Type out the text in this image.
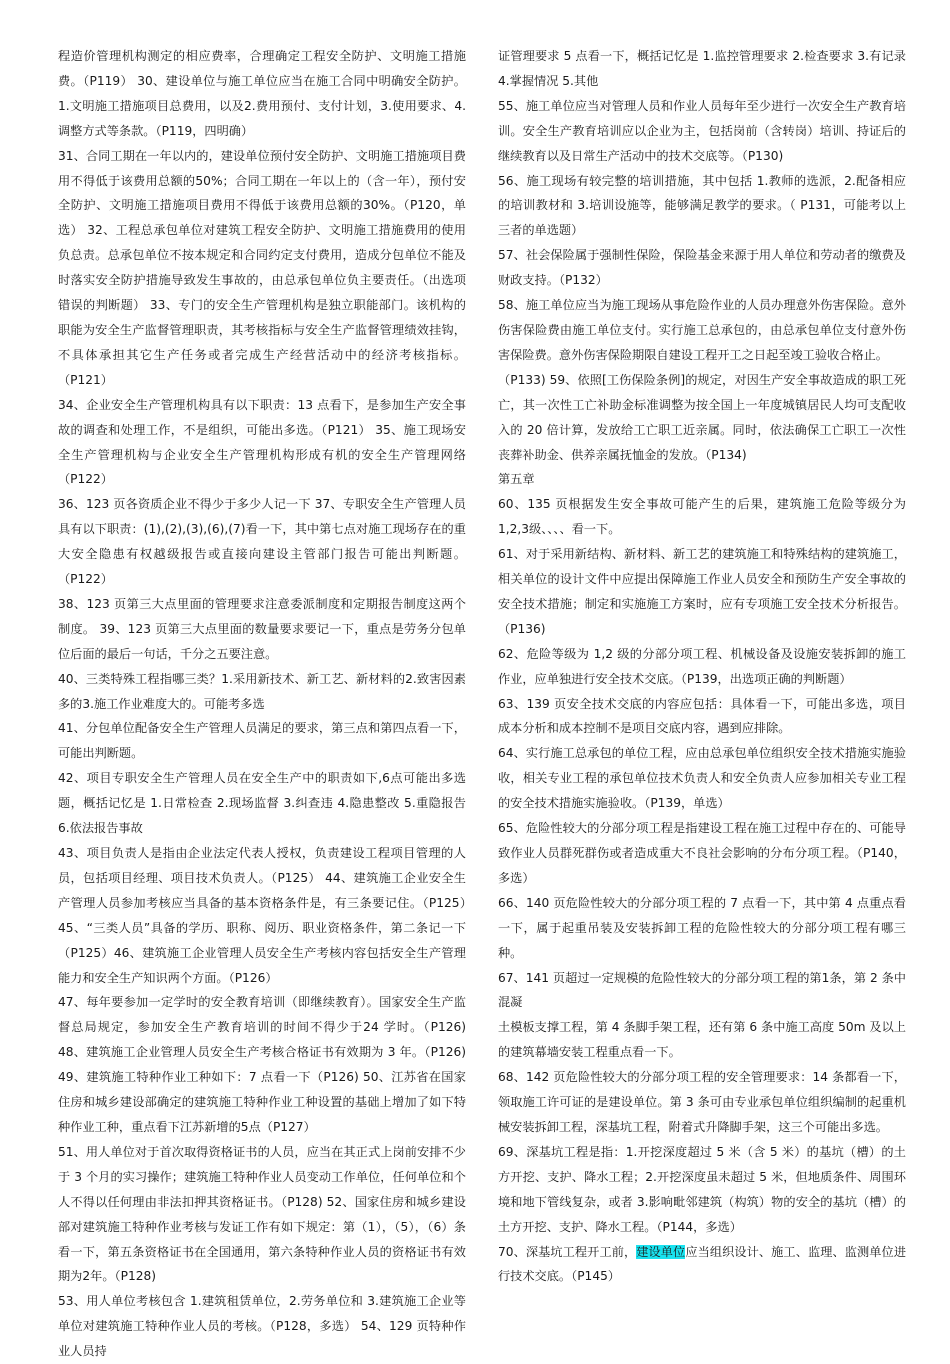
程造价管理机构测定的相应费率，合理确定工程安全防护、文明施工措施费。（P119） 30、建设单位与施工单位应当在施工合同中明确安全防护。1.文明施工措施项目总费用，以及2.费用预付、支付计划，3.使用要求、4.调整方式等条款。（P119，四明确）

31、合同工期在一年以内的，建设单位预付安全防护、文明施工措施项目费用不得低于该费用总额的50%；合同工期在一年以上的（含一年），预付安全防护、文明施工措施项目费用不得低于该费用总额的30%。（P120，单选） 32、工程总承包单位对建筑工程安全防护、文明施工措施费用的使用负总责。总承包单位不按本规定和合同约定支付费用，造成分包单位不能及时落实安全防护措施导致发生事故的，由总承包单位负主要责任。（出选项错误的判断题） 33、专门的安全生产管理机构是独立职能部门。该机构的职能为安全生产监督管理职责，其考核指标与安全生产监督管理绩效挂钩，不具体承担其它生产任务或者完成生产经营活动中的经济考核指标。（P121）

34、企业安全生产管理机构具有以下职责：13 点看下，是参加生产安全事故的调查和处理工作，不是组织，可能出多选。（P121） 35、施工现场安全生产管理机构与企业安全生产管理机构形成有机的安全生产管理网络（P122）

36、123 页各资质企业不得少于多少人记一下 37、专职安全生产管理人员具有以下职责：(1),(2),(3),(6),(7)看一下，其中第七点对施工现场存在的重大安全隐患有权越级报告或直接向建设主管部门报告可能出判断题。（P122）

38、123 页第三大点里面的管理要求注意委派制度和定期报告制度这两个制度。 39、123 页第三大点里面的数量要求要记一下，重点是劳务分包单位后面的最后一句话，千分之五要注意。

40、三类特殊工程指哪三类？1.采用新技术、新工艺、新材料的2.致害因素多的3.施工作业难度大的。可能考多选

41、分包单位配备安全生产管理人员满足的要求，第三点和第四点看一下，可能出判断题。

42、项目专职安全生产管理人员在安全生产中的职责如下,6点可能出多选题，概括记忆是 1.日常检查 2.现场监督 3.纠查违 4.隐患整改 5.重隐报告 6.依法报告事故

43、项目负责人是指由企业法定代表人授权，负责建设工程项目管理的人员，包括项目经理、项目技术负责人。（P125） 44、建筑施工企业安全生产管理人员参加考核应当具备的基本资格条件是，有三条要记住。（P125）　 45、“三类人员”具备的学历、职称、阅历、职业资格条件，第二条记一下（P125）46、建筑施工企业管理人员安全生产考核内容包括安全生产管理能力和安全生产知识两个方面。（P126）

47、每年要参加一定学时的安全教育培训（即继续教育）。国家安全生产监督总局规定，参加安全生产教育培训的时间不得少于24 学时。（P126) 48、建筑施工企业管理人员安全生产考核合格证书有效期为 3 年。（P126) 49、建筑施工特种作业工种如下：7 点看一下（P126) 50、江苏省在国家住房和城乡建设部确定的建筑施工特种作业工种设置的基础上增加了如下特种作业工种，重点看下江苏新增的5点（P127）

51、用人单位对于首次取得资格证书的人员，应当在其正式上岗前安排不少于 3 个月的实习操作；建筑施工特种作业人员变动工作单位，任何单位和个人不得以任何理由非法扣押其资格证书。（P128) 52、国家住房和城乡建设部对建筑施工特种作业考核与发证工作有如下规定：第（1），（5），（6）条看一下，第五条资格证书在全国通用，第六条特种作业人员的资格证书有效期为2年。（P128)

53、用人单位考核包含 1.建筑租赁单位，2.劳务单位和 3.建筑施工企业等单位对建筑施工特种作业人员的考核。（P128，多选） 54、129 页特种作业人员持

证管理要求 5 点看一下，概括记忆是 1.监控管理要求 2.检查要求 3.有记录 4.掌握情况 5.其他

55、施工单位应当对管理人员和作业人员每年至少进行一次安全生产教育培训。安全生产教育培训应以企业为主，包括岗前（含转岗）培训、持证后的继续教育以及日常生产活动中的技术交底等。（P130)

56、施工现场有较完整的培训措施，其中包括 1.教师的选派，2.配备相应的培训教材和 3.培训设施等，能够满足教学的要求。（ P131，可能考以上三者的单选题）

57、社会保险属于强制性保险，保险基金来源于用人单位和劳动者的缴费及财政支持。（P132）

58、施工单位应当为施工现场从事危险作业的人员办理意外伤害保险。意外伤害保险费由施工单位支付。实行施工总承包的，由总承包单位支付意外伤害保险费。意外伤害保险期限自建设工程开工之日起至竣工验收合格止。

（P133) 59、依照[工伤保险条例]的规定，对因生产安全事故造成的职工死亡，其一次性工亡补助金标准调整为按全国上一年度城镇居民人均可支配收入的 20 倍计算，发放给工亡职工近亲属。同时，依法确保工亡职工一次性丧葬补助金、供养亲属抚恤金的发放。（P134)

第五章

60、135 页根据发生安全事故可能产生的后果，建筑施工危险等级分为 1,2,3级、、、、看一下。

61、对于采用新结构、新材料、新工艺的建筑施工和特殊结构的建筑施工，相关单位的设计文件中应提出保障施工作业人员安全和预防生产安全事故的安全技术措施；制定和实施施工方案时，应有专项施工安全技术分析报告。（P136)

62、危险等级为 1,2 级的分部分项工程、机械设备及设施安装拆卸的施工作业，应单独进行安全技术交底。（P139，出选项正确的判断题）

63、139 页安全技术交底的内容应包括：具体看一下，可能出多选，项目成本分析和成本控制不是项目交底内容，遇到应排除。

64、实行施工总承包的单位工程，应由总承包单位组织安全技术措施实施验收，相关专业工程的承包单位技术负责人和安全负责人应参加相关专业工程的安全技术措施实施验收。（P139，单选）

65、危险性较大的分部分项工程是指建设工程在施工过程中存在的、可能导致作业人员群死群伤或者造成重大不良社会影响的分布分项工程。（P140，多选）

66、140 页危险性较大的分部分项工程的 7 点看一下，其中第 4 点重点看一下，属于起重吊装及安装拆卸工程的危险性较大的分部分项工程有哪三种。

67、141 页超过一定规模的危险性较大的分部分项工程的第1条，第 2 条中混凝

土模板支撑工程，第 4 条脚手架工程，还有第 6 条中施工高度 50m 及以上的建筑幕墙安装工程重点看一下。

68、142 页危险性较大的分部分项工程的安全管理要求：14 条都看一下，领取施工许可证的是建设单位。第 3 条可由专业承包单位组织编制的起重机械安装拆卸工程，深基坑工程，附着式升降脚手架，这三个可能出多选。

69、深基坑工程是指：1.开挖深度超过 5 米（含 5 米）的基坑（槽）的土方开挖、支护、降水工程；2.开挖深度虽未超过 5 米，但地质条件、周围环境和地下管线复杂，或者 3.影响毗邻建筑（构筑）物的安全的基坑（槽）的土方开挖、支护、降水工程。（P144，多选）

70、深基坑工程开工前，建设单位应当组织设计、施工、监理、监测单位进行技术交底。（P145）
